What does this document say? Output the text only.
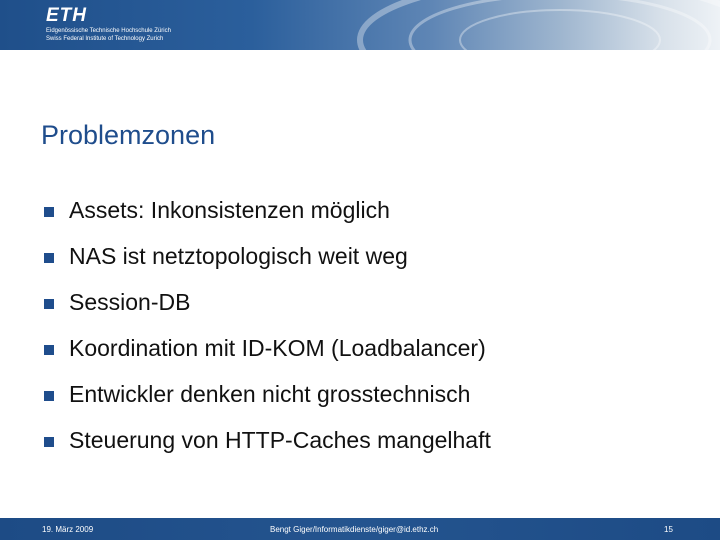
ETH
Eidgenössische Technische Hochschule Zürich
Swiss Federal Institute of Technology Zurich
Problemzonen
Assets: Inkonsistenzen möglich
NAS ist netztopologisch weit weg
Session-DB
Koordination mit ID-KOM (Loadbalancer)
Entwickler denken nicht grosstechnisch
Steuerung von HTTP-Caches mangelhaft
19. März 2009	Bengt Giger/Informatikdienste/giger@id.ethz.ch	15
